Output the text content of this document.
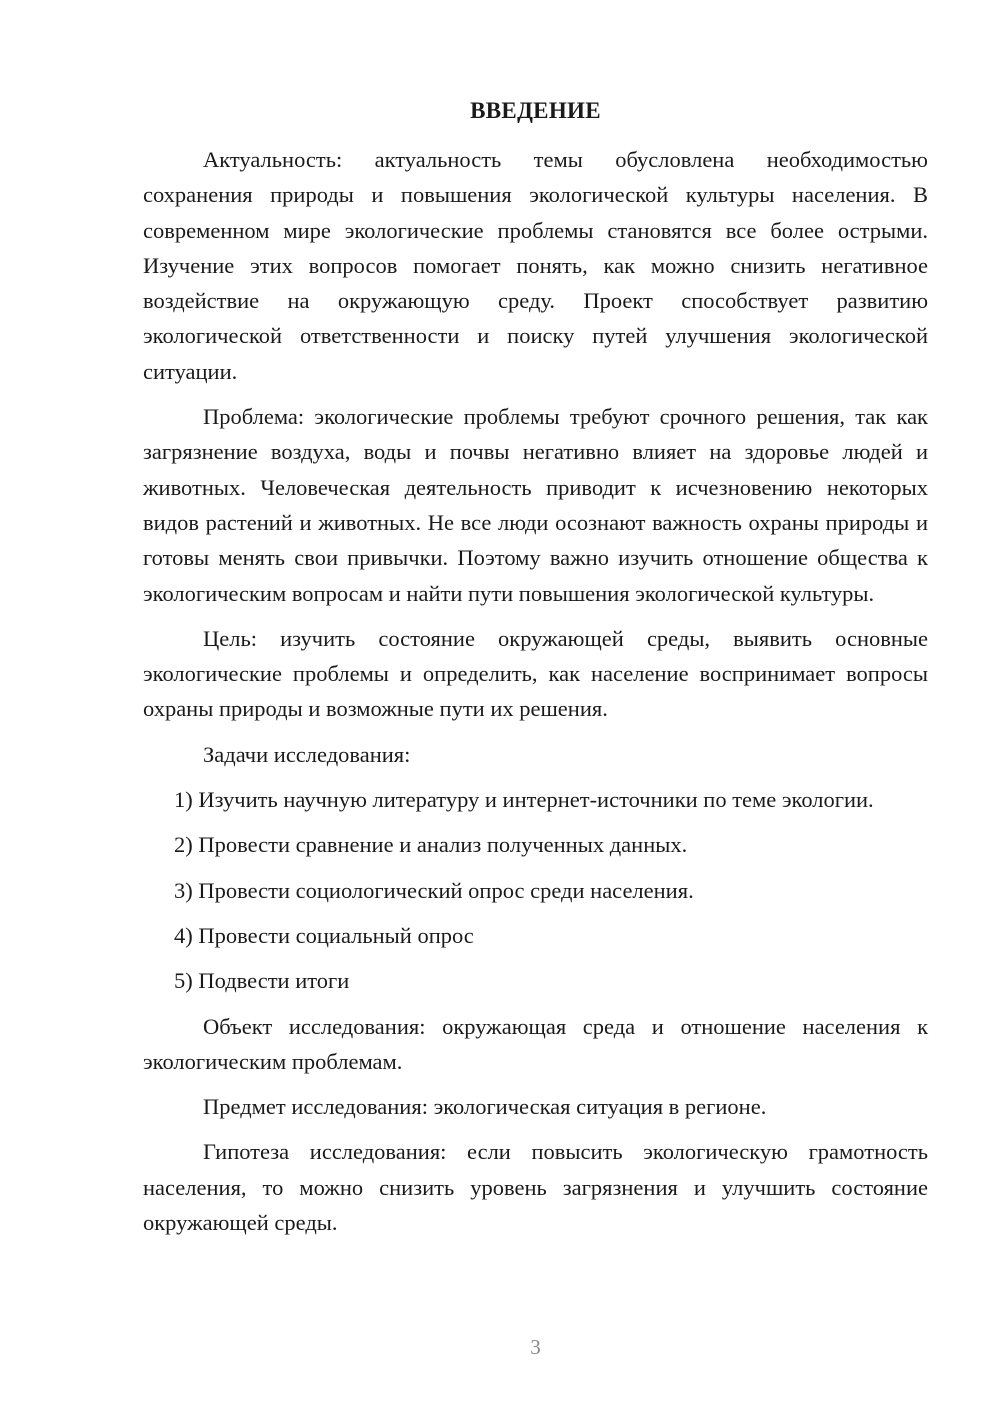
ВВЕДЕНИЕ

Актуальность: актуальность темы обусловлена необходимостью сохранения природы и повышения экологической культуры населения. В современном мире экологические проблемы становятся все более острыми. Изучение этих вопросов помогает понять, как можно снизить негативное воздействие на окружающую среду. Проект способствует развитию экологической ответственности и поиску путей улучшения экологической ситуации.

Проблема: экологические проблемы требуют срочного решения, так как загрязнение воздуха, воды и почвы негативно влияет на здоровье людей и животных. Человеческая деятельность приводит к исчезновению некоторых видов растений и животных. Не все люди осознают важность охраны природы и готовы менять свои привычки. Поэтому важно изучить отношение общества к экологическим вопросам и найти пути повышения экологической культуры.

Цель: изучить состояние окружающей среды, выявить основные экологические проблемы и определить, как население воспринимает вопросы охраны природы и возможные пути их решения.

Задачи исследования:

1) Изучить научную литературу и интернет-источники по теме экологии.

2) Провести сравнение и анализ полученных данных.

3) Провести социологический опрос среди населения.

4) Провести социальный опрос

5) Подвести итоги

Объект исследования: окружающая среда и отношение населения к экологическим проблемам.

Предмет исследования: экологическая ситуация в регионе.

Гипотеза исследования: если повысить экологическую грамотность населения, то можно снизить уровень загрязнения и улучшить состояние окружающей среды.

3
